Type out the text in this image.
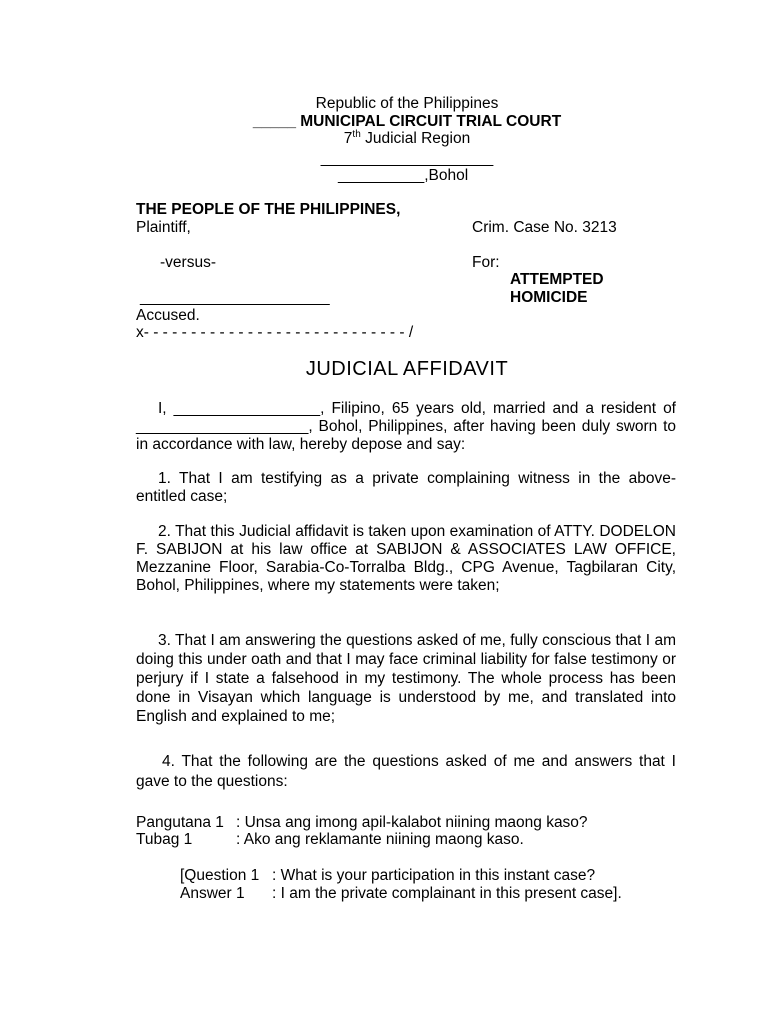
Republic of the Philippines
_____ MUNICIPAL CIRCUIT TRIAL COURT
7th Judicial Region
____________________
__________,Bohol
THE PEOPLE OF THE PHILIPPINES,
Plaintiff,	Crim. Case No. 3213
-versus-	For:
ATTEMPTED
HOMICIDE
______________________
Accused.
x- - - - - - - - - - - - - - - - - - - - - - - - - - - - /
JUDICIAL AFFIDAVIT
I, _________________, Filipino, 65 years old, married and a resident of ____________________, Bohol, Philippines, after having been duly sworn to in accordance with law, hereby depose and say:
1. That I am testifying as a private complaining witness in the above-entitled case;
2. That this Judicial affidavit is taken upon examination of ATTY. DODELON F. SABIJON at his law office at SABIJON & ASSOCIATES LAW OFFICE, Mezzanine Floor, Sarabia-Co-Torralba Bldg., CPG Avenue, Tagbilaran City, Bohol, Philippines, where my statements were taken;
3. That I am answering the questions asked of me, fully conscious that I am doing this under oath and that I may face criminal liability for false testimony or perjury if I state a falsehood in my testimony. The whole process has been done in Visayan which language is understood by me, and translated into English and explained to me;
4. That the following are the questions asked of me and answers that I gave to the questions:
Pangutana 1 : Unsa ang imong apil-kalabot niining maong kaso?
Tubag 1	: Ako ang reklamante niining maong kaso.
[Question 1 : What is your participation in this instant case?
Answer 1 : I am the private complainant in this present case].
